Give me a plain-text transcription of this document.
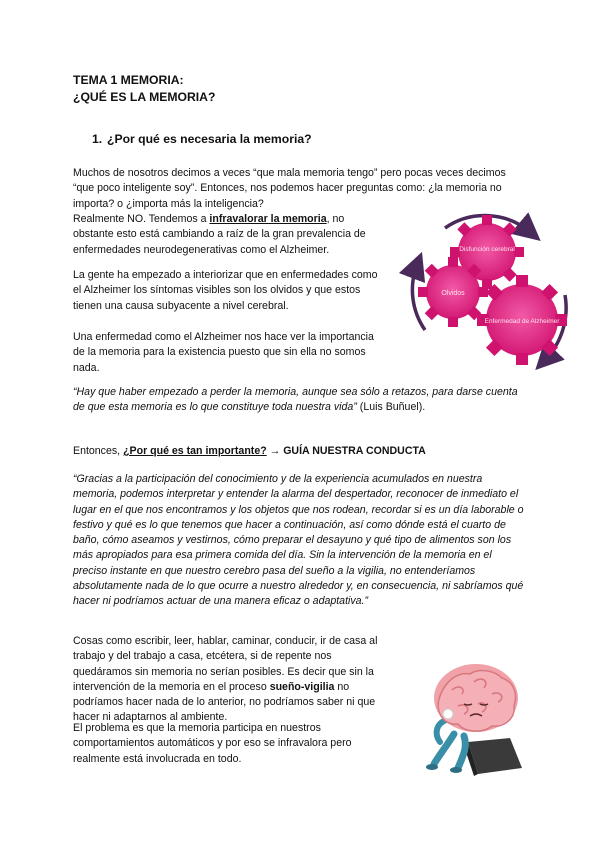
TEMA 1 MEMORIA:
¿QUÉ ES LA MEMORIA?
1. ¿Por qué es necesaria la memoria?

Muchos de nosotros decimos a veces “que mala memoria tengo” pero pocas veces decimos “que poco inteligente soy”. Entonces, nos podemos hacer preguntas como: ¿la memoria no importa? o ¿importa más la inteligencia?

Realmente NO. Tendemos a infravalorar la memoria, no obstante esto está cambiando a raíz de la gran prevalencia de enfermedades neurodegenerativas como el Alzheimer.

La gente ha empezado a interiorizar que en enfermedades como el Alzheimer los síntomas visibles son los olvidos y que estos tienen una causa subyacente a nivel cerebral.

Una enfermedad como el Alzheimer nos hace ver la importancia de la memoria para la existencia puesto que sin ella no somos nada.

Disfunción cerebral
Olvidos
Enfermedad de Alzheimer

“Hay que haber empezado a perder la memoria, aunque sea sólo a retazos, para darse cuenta de que esta memoria es lo que constituye toda nuestra vida” (Luis Buñuel).

Entonces, ¿Por qué es tan importante? → GUÍA NUESTRA CONDUCTA

“Gracias a la participación del conocimiento y de la experiencia acumulados en nuestra memoria, podemos interpretar y entender la alarma del despertador, reconocer de inmediato el lugar en el que nos encontramos y los objetos que nos rodean, recordar si es un día laborable o festivo y qué es lo que tenemos que hacer a continuación, así como dónde está el cuarto de baño, cómo aseamos y vestirnos, cómo preparar el desayuno y qué tipo de alimentos son los más apropiados para esa primera comida del día. Sin la intervención de la memoria en el preciso instante en que nuestro cerebro pasa del sueño a la vigilia, no entenderíamos absolutamente nada de lo que ocurre a nuestro alrededor y, en consecuencia, ni sabríamos qué hacer ni podríamos actuar de una manera eficaz o adaptativa.”

Cosas como escribir, leer, hablar, caminar, conducir, ir de casa al trabajo y del trabajo a casa, etcétera, si de repente nos quedáramos sin memoria no serían posibles. Es decir que sin la intervención de la memoria en el proceso sueño-vigilia no podríamos hacer nada de lo anterior, no podríamos saber ni que hacer ni adaptarnos al ambiente.

El problema es que la memoria participa en nuestros comportamientos automáticos y por eso se infravalora pero realmente está involucrada en todo.
